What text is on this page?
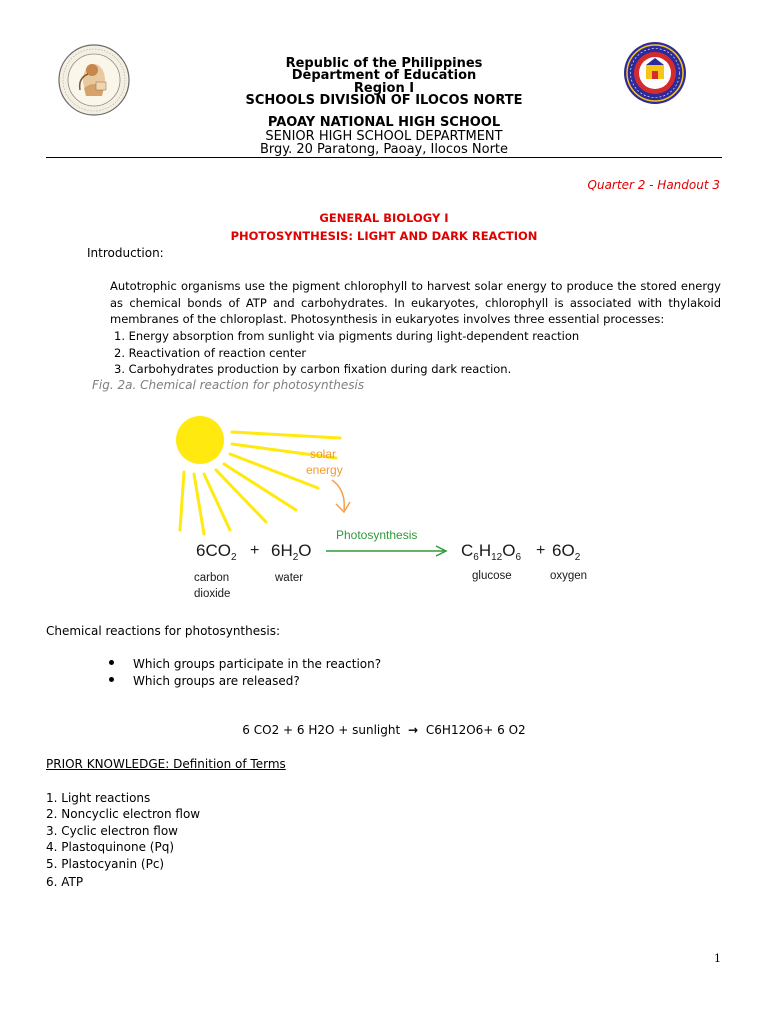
Republic of the Philippines
Department of Education
Region I
SCHOOLS DIVISION OF ILOCOS NORTE
PAOAY NATIONAL HIGH SCHOOL
SENIOR HIGH SCHOOL DEPARTMENT
Brgy. 20 Paratong, Paoay, Ilocos Norte
Quarter 2 - Handout 3
GENERAL BIOLOGY I
PHOTOSYNTHESIS: LIGHT AND DARK REACTION
Introduction:
Autotrophic organisms use the pigment chlorophyll to harvest solar energy to produce the stored energy
as chemical bonds of ATP and carbohydrates. In eukaryotes, chlorophyll is associated with thylakoid
membranes of the chloroplast. Photosynthesis in eukaryotes involves three essential processes:
1. Energy absorption from sunlight via pigments during light-dependent reaction
2. Reactivation of reaction center
3. Carbohydrates production by carbon fixation during dark reaction.
Fig. 2a. Chemical reaction for photosynthesis
solar
energy
Photosynthesis
$6CO_2 + 6H_2O$	$C_6H_{12}O_6 + 6O_2$
carbon
dioxide
water	glucose	oxygen
Chemical reactions for photosynthesis:
Which groups participate in the reaction?
Which groups are released?
6 CO2 + 6 H2O + sunlight → C6H12O6+ 6 O2
PRIOR KNOWLEDGE: Definition of Terms
1. Light reactions
2. Noncyclic electron flow
3. Cyclic electron flow
4. Plastoquinone (Pq)
5. Plastocyanin (Pc)
6. ATP
1
